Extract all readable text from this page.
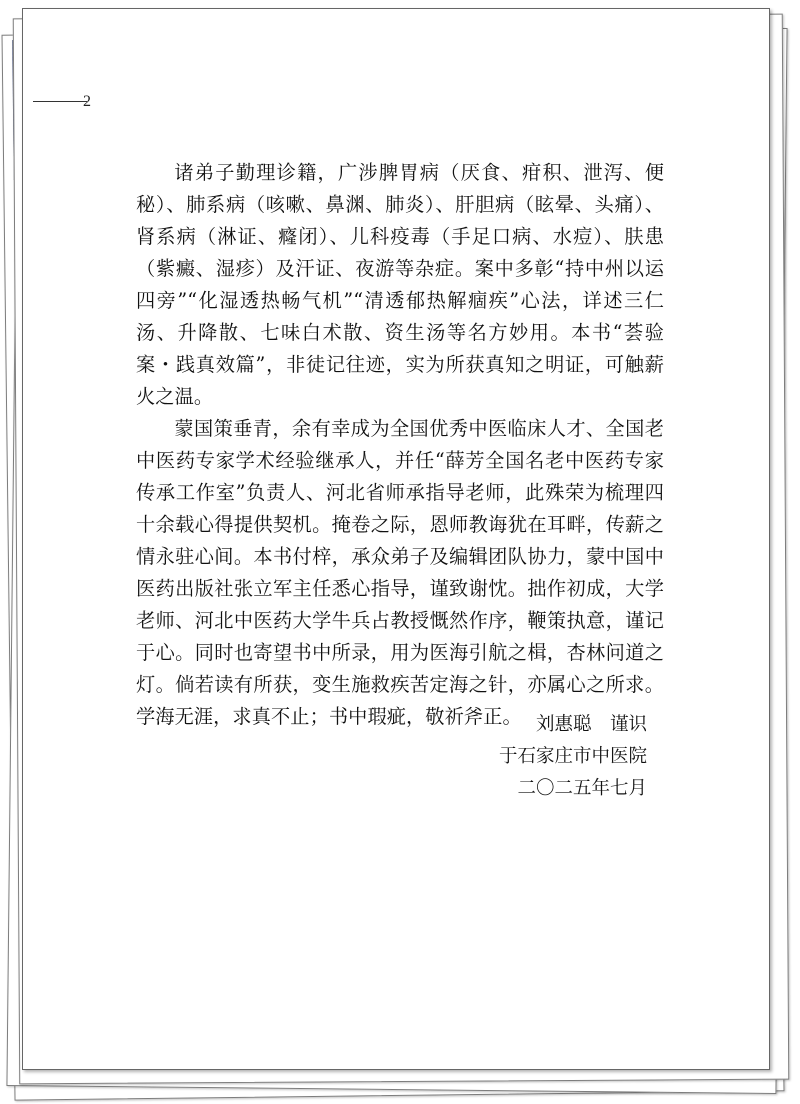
2

诸弟子勤理诊籍，广涉脾胃病（厌食、疳积、泄泻、便秘）、肺系病（咳嗽、鼻渊、肺炎）、肝胆病（眩晕、头痛）、肾系病（淋证、癃闭）、儿科疫毒（手足口病、水痘）、肤患（紫癜、湿疹）及汗证、夜游等杂症。案中多彰“持中州以运四旁”“化湿透热畅气机”“清透郁热解痼疾”心法，详述三仁汤、升降散、七味白术散、资生汤等名方妙用。本书“荟验案・践真效篇”，非徒记往迹，实为所获真知之明证，可触薪火之温。

蒙国策垂青，余有幸成为全国优秀中医临床人才、全国老中医药专家学术经验继承人，并任“薛芳全国名老中医药专家传承工作室”负责人、河北省师承指导老师，此殊荣为梳理四十余载心得提供契机。掩卷之际，恩师教诲犹在耳畔，传薪之情永驻心间。本书付梓，承众弟子及编辑团队协力，蒙中国中医药出版社张立军主任悉心指导，谨致谢忱。拙作初成，大学老师、河北中医药大学牛兵占教授慨然作序，鞭策执意，谨记于心。同时也寄望书中所录，用为医海引航之楫，杏林问道之灯。倘若读有所获，变生施救疾苦定海之针，亦属心之所求。学海无涯，求真不止；书中瑕疵，敬祈斧正。 刘惠聪　谨识
于石家庄市中医院
二〇二五年七月
